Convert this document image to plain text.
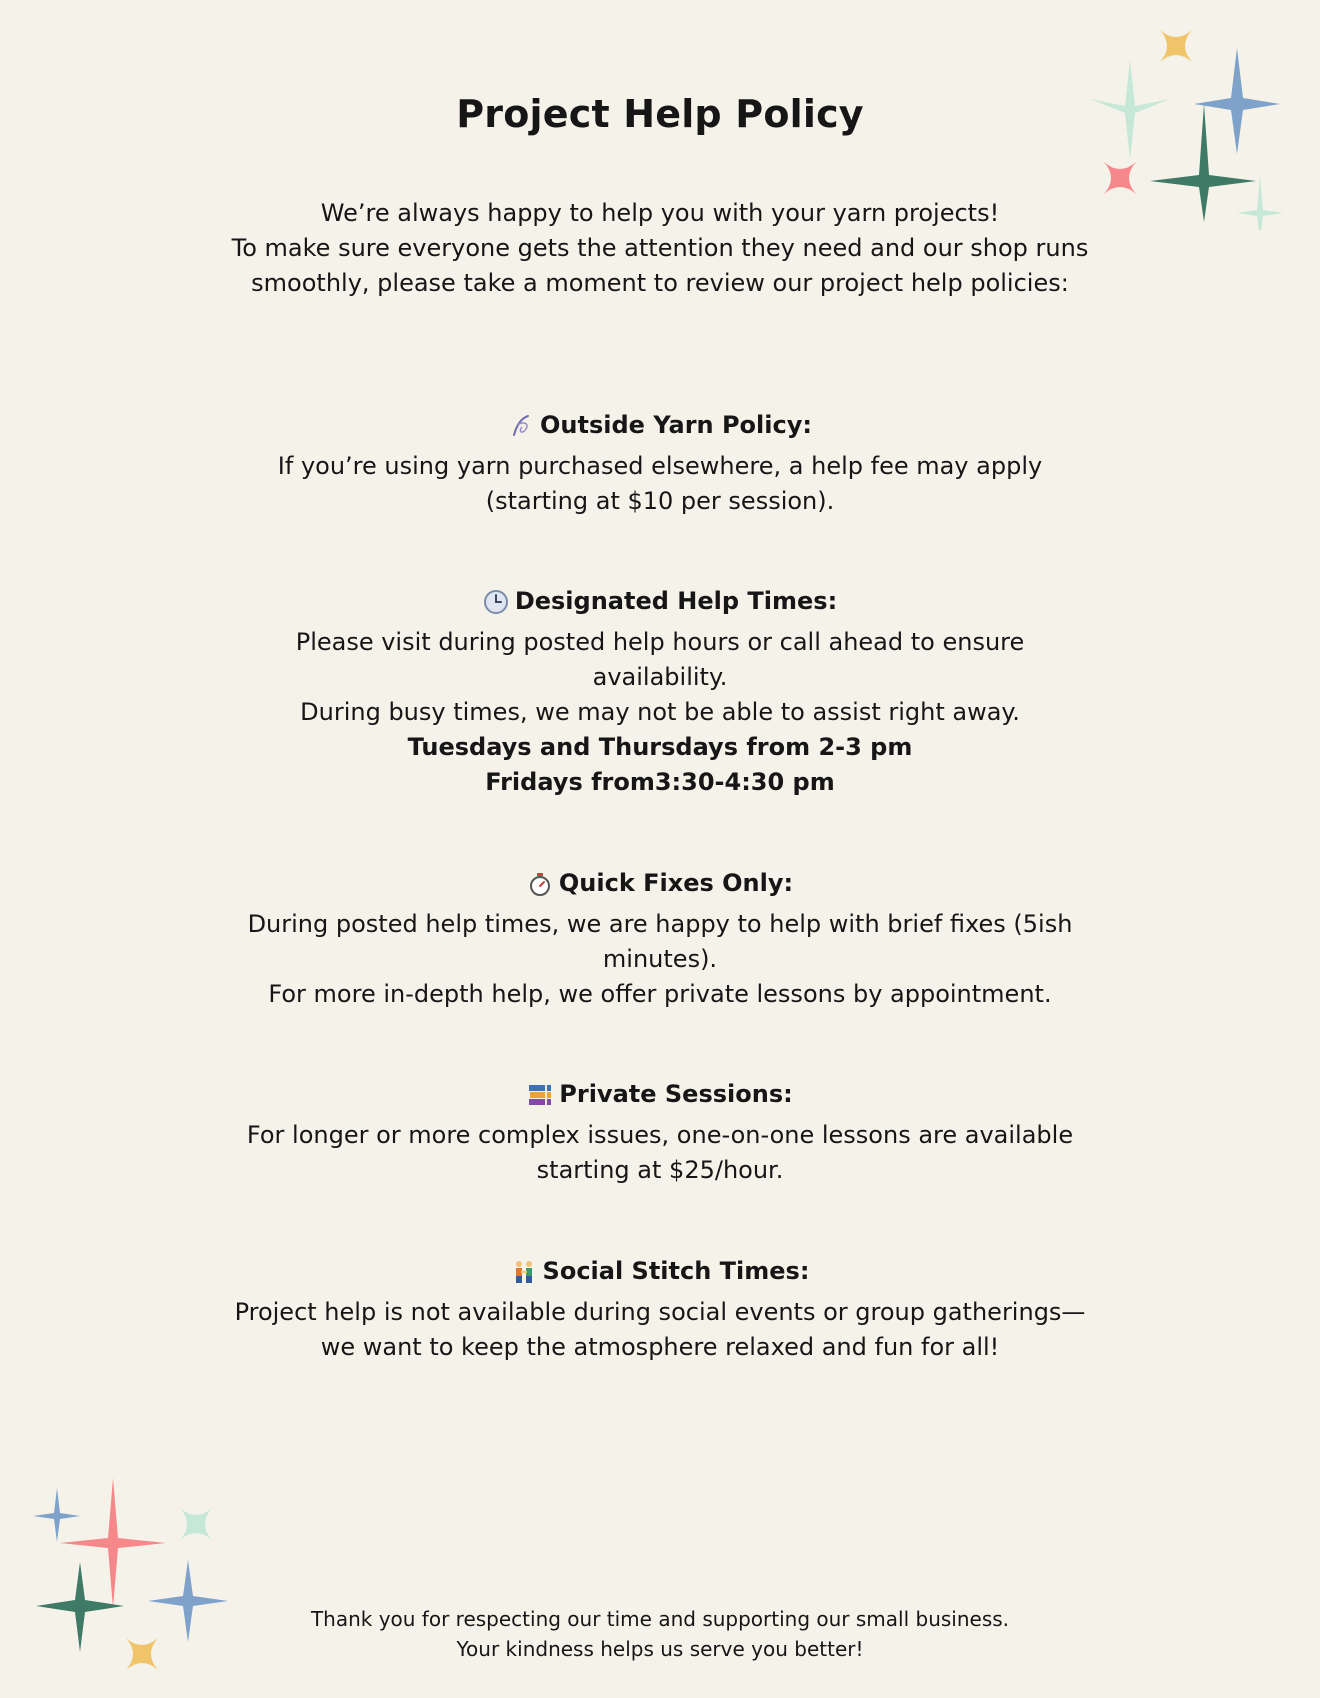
Project Help Policy

We’re always happy to help you with your yarn projects!

To make sure everyone gets the attention they need and our shop runs smoothly, please take a moment to review our project help policies:

Outside Yarn Policy:

If you’re using yarn purchased elsewhere, a help fee may apply (starting at $10 per session).

Designated Help Times:

Please visit during posted help hours or call ahead to ensure availability.

During busy times, we may not be able to assist right away.

Tuesdays and Thursdays from 2-3 pm

Fridays from3:30-4:30 pm

Quick Fixes Only:

During posted help times, we are happy to help with brief fixes (5ish minutes).

For more in-depth help, we offer private lessons by appointment.

Private Sessions:

For longer or more complex issues, one-on-one lessons are available starting at $25/hour.

Social Stitch Times:

Project help is not available during social events or group gatherings—we want to keep the atmosphere relaxed and fun for all!

Thank you for respecting our time and supporting our small business.

Your kindness helps us serve you better!
